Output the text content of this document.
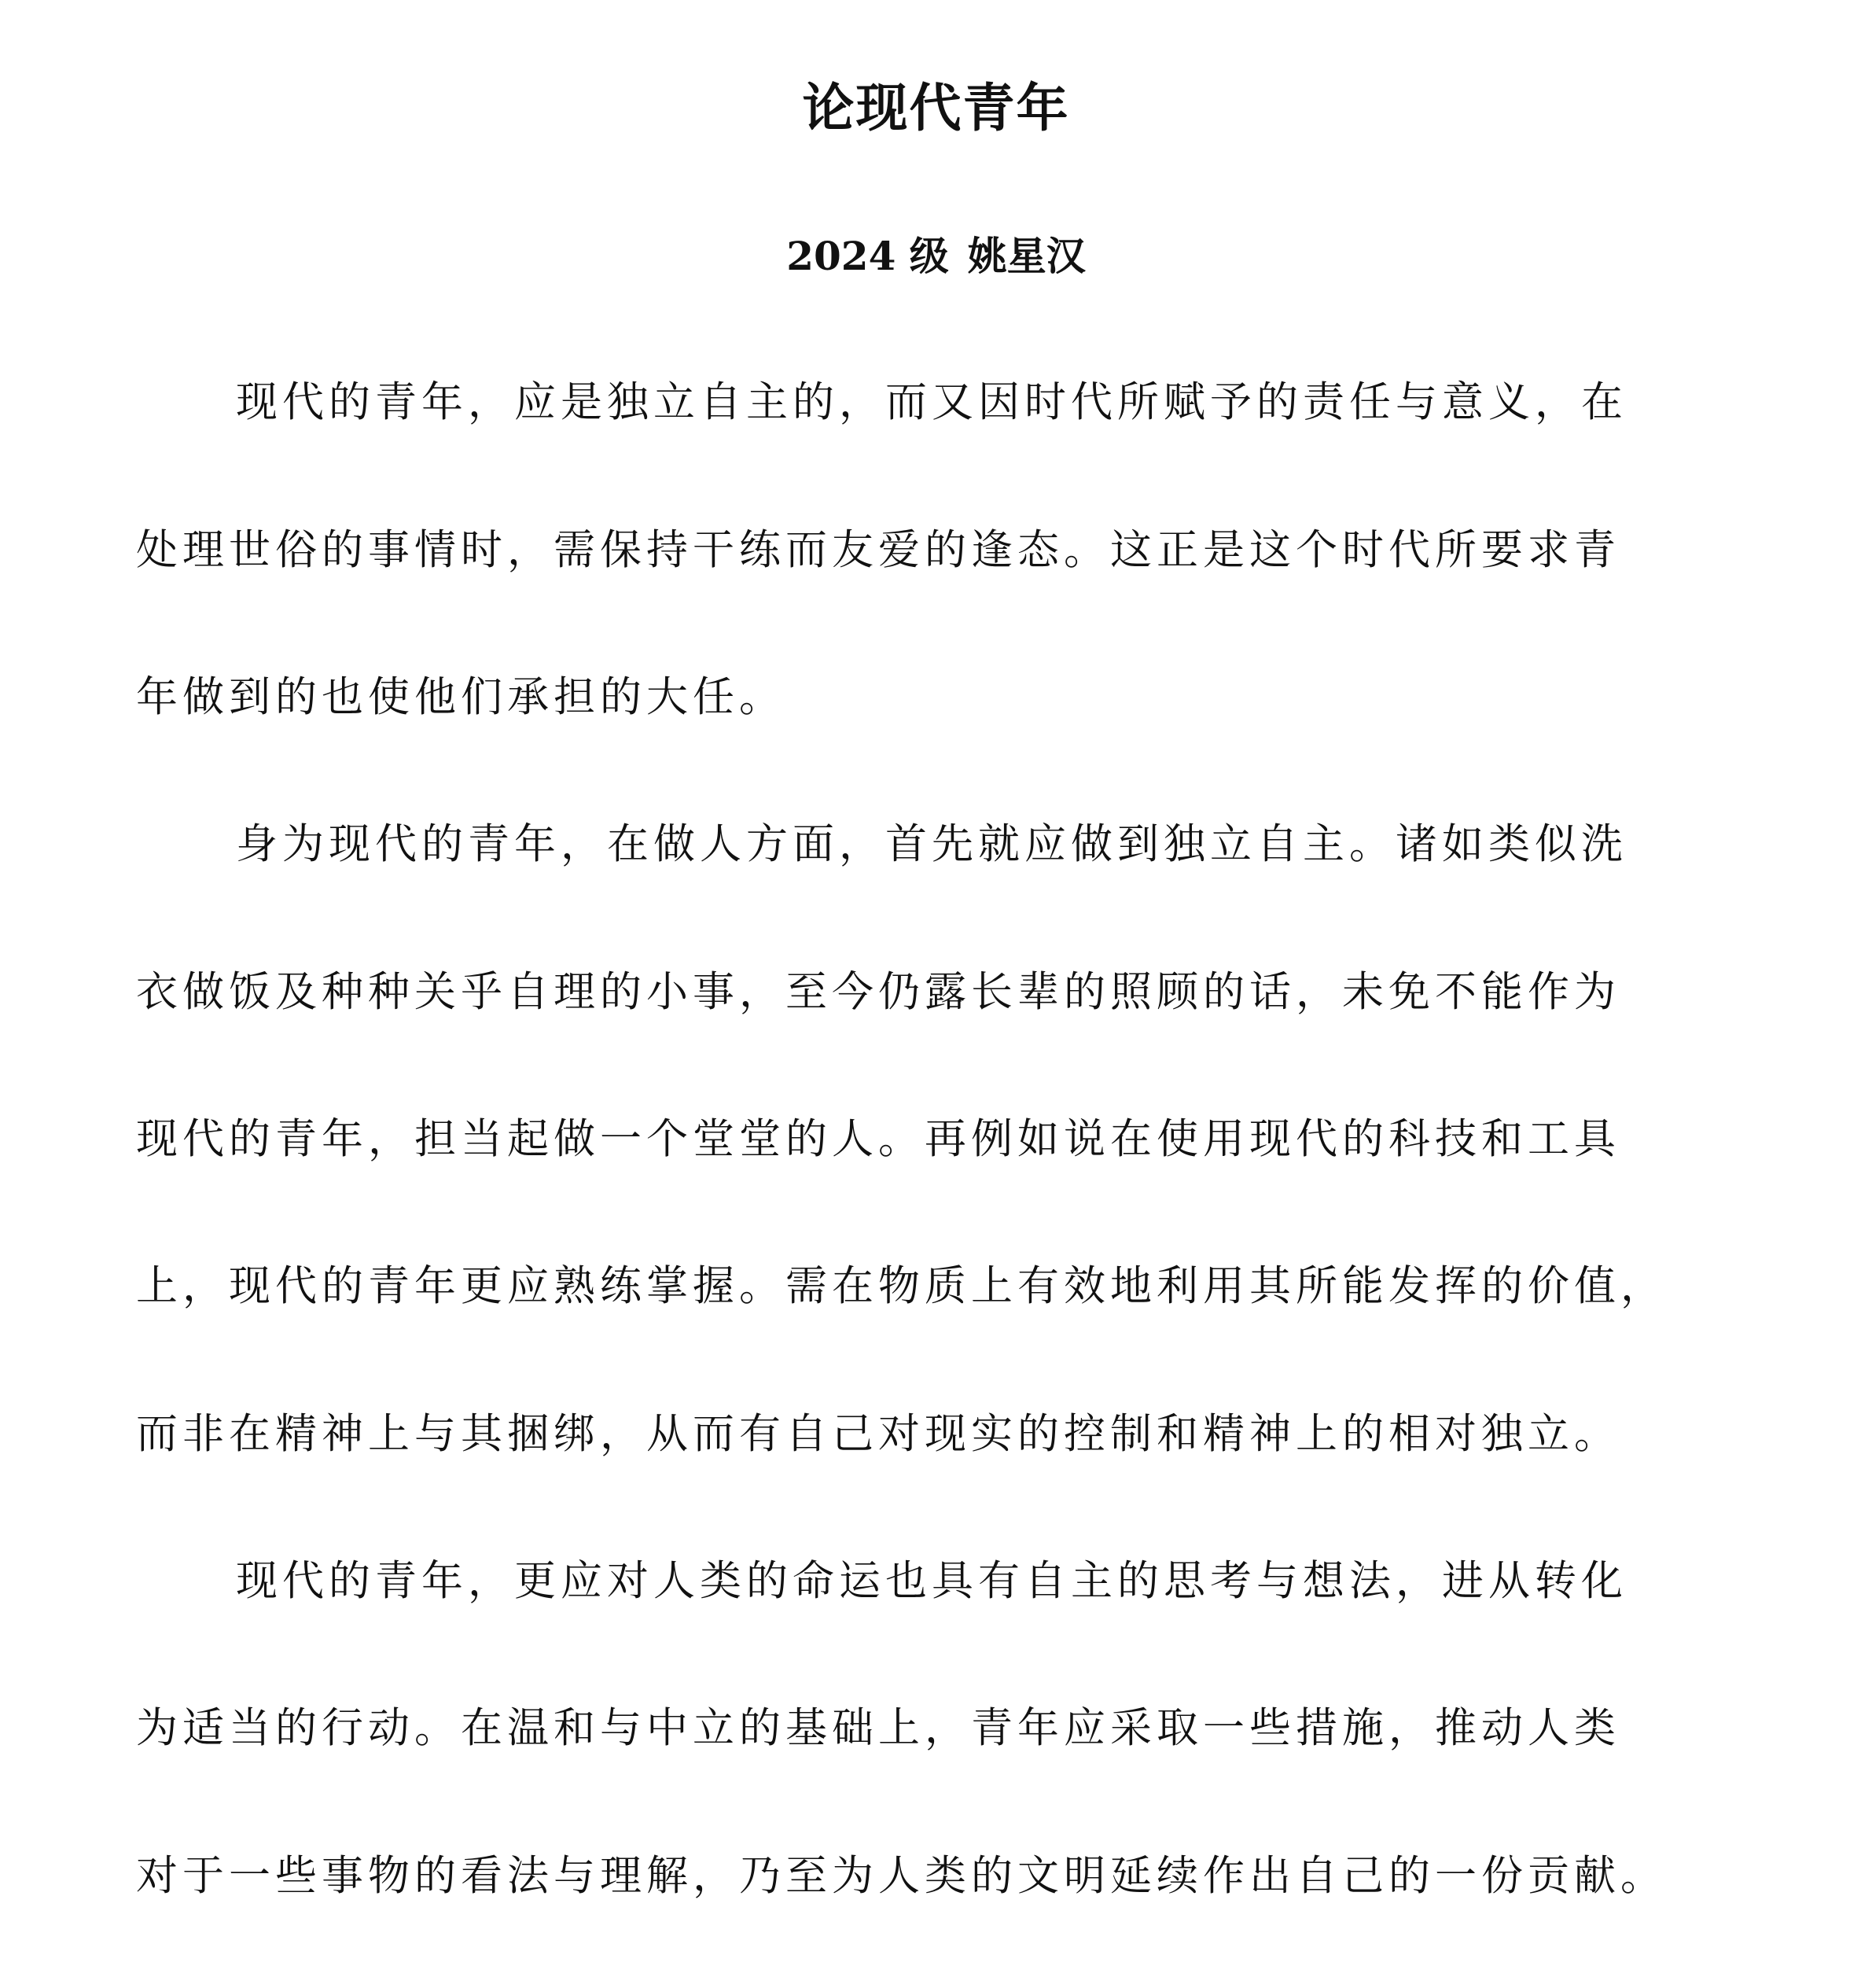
论现代青年
2024 级 姚星汉
现代的青年，应是独立自主的，而又因时代所赋予的责任与意义，在
处理世俗的事情时，需保持干练而友爱的逢态。这正是这个时代所要求青
年做到的也使他们承担的大任。
身为现代的青年，在做人方面，首先就应做到独立自主。诸如类似洗
衣做饭及种种关乎自理的小事，至今仍露长辈的照顾的话，未免不能作为
现代的青年，担当起做一个堂堂的人。再例如说在使用现代的科技和工具
上，现代的青年更应熟练掌握。需在物质上有效地利用其所能发挥的价值，
而非在精神上与其捆绑，从而有自己对现实的控制和精神上的相对独立。
现代的青年，更应对人类的命运也具有自主的思考与想法，进从转化
为适当的行动。在温和与中立的基础上，青年应采取一些措施，推动人类
对于一些事物的看法与理解，乃至为人类的文明延续作出自己的一份贡献。
